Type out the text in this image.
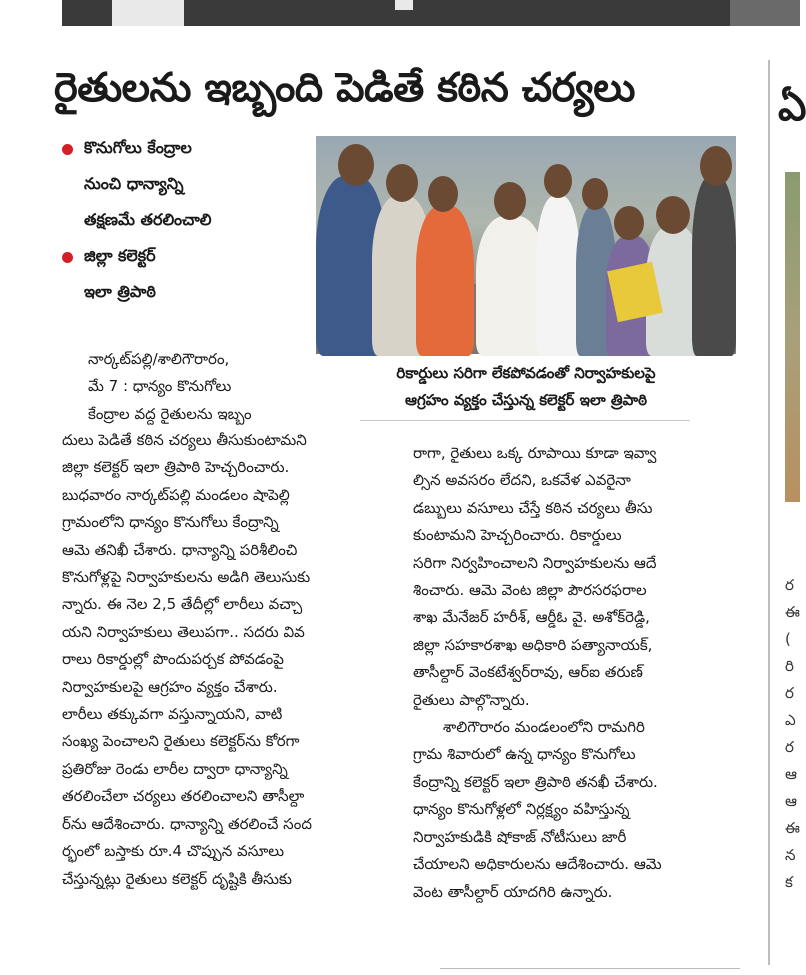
రైతులను ఇబ్బంది పెడితే కఠిన చర్యలు	ఏ
కొనుగోలు కేంద్రాల
నుంచి ధాన్యాన్ని
తక్షణమే తరలించాలి
జిల్లా కలెక్టర్
ఇలా త్రిపాఠి
రికార్డులు సరిగా లేకపోవడంతో నిర్వాహకులపై
ఆగ్రహం వ్యక్తం చేస్తున్న కలెక్టర్ ఇలా త్రిపాఠి
నార్కట్‌పల్లి/శాలిగౌరారం,
మే 7 : ధాన్యం కొనుగోలు
కేంద్రాల వద్ద రైతులను ఇబ్బం
దులు పెడితే కఠిన చర్యలు తీసుకుంటామని
జిల్లా కలెక్టర్ ఇలా త్రిపాఠి హెచ్చరించారు.
బుధవారం నార్కట్‌పల్లి మండలం షాపెల్లి
గ్రామంలోని ధాన్యం కొనుగోలు కేంద్రాన్ని
ఆమె తనిఖీ చేశారు. ధాన్యాన్ని పరిశీలించి
కొనుగోళ్లపై నిర్వాహకులను అడిగి తెలుసుకు
న్నారు. ఈ నెల 2,5 తేదీల్లో లారీలు వచ్చా
యని నిర్వాహకులు తెలుపగా.. సదరు వివ
రాలు రికార్డుల్లో పొందుపర్చక పోవడంపై
నిర్వాహకులపై ఆగ్రహం వ్యక్తం చేశారు.
లారీలు తక్కువగా వస్తున్నాయని, వాటి
సంఖ్య పెంచాలని రైతులు కలెక్టర్‌ను కోరగా
ప్రతిరోజు రెండు లారీల ద్వారా ధాన్యాన్ని
తరలించేలా చర్యలు తరలించాలని తాసీల్దా
ర్‌ను ఆదేశించారు. ధాన్యాన్ని తరలించే సంద
ర్భంలో బస్తాకు రూ.4 చొప్పున వసూలు
చేస్తున్నట్లు రైతులు కలెక్టర్ దృష్టికి తీసుకు
రాగా, రైతులు ఒక్క రూపాయి కూడా ఇవ్వా
ల్సిన అవసరం లేదని, ఒకవేళ ఎవరైనా
డబ్బులు వసూలు చేస్తే కఠిన చర్యలు తీసు
కుంటామని హెచ్చరించారు. రికార్డులు
సరిగా నిర్వహించాలని నిర్వాహకులను ఆదే
శించారు. ఆమె వెంట జిల్లా పౌరసరఫరాల
శాఖ మేనేజర్ హరీశ్, ఆర్డీఓ వై. అశోక్‌రెడ్డి,
జిల్లా సహకారశాఖ అధికారి పత్యానాయక్,
తాసీల్దార్ వెంకటేశ్వర్‌రావు, ఆర్ఐ తరుణ్
రైతులు పాల్గొన్నారు.
శాలిగౌరారం మండలంలోని రామగిరి
గ్రామ శివారులో ఉన్న ధాన్యం కొనుగోలు
కేంద్రాన్ని కలెక్టర్ ఇలా త్రిపాఠి తనఖీ చేశారు.
ధాన్యం కొనుగోళ్లలో నిర్లక్ష్యం వహిస్తున్న
నిర్వాహకుడికి షోకాజ్ నోటీసులు జారీ
చేయాలని అధికారులను ఆదేశించారు. ఆమె
వెంట తాసీల్దార్ యాదగిరి ఉన్నారు.
ర
ఈ
(
రి
ర
ఎ
ర
ఆ
ఆ
ఈ
న
క
